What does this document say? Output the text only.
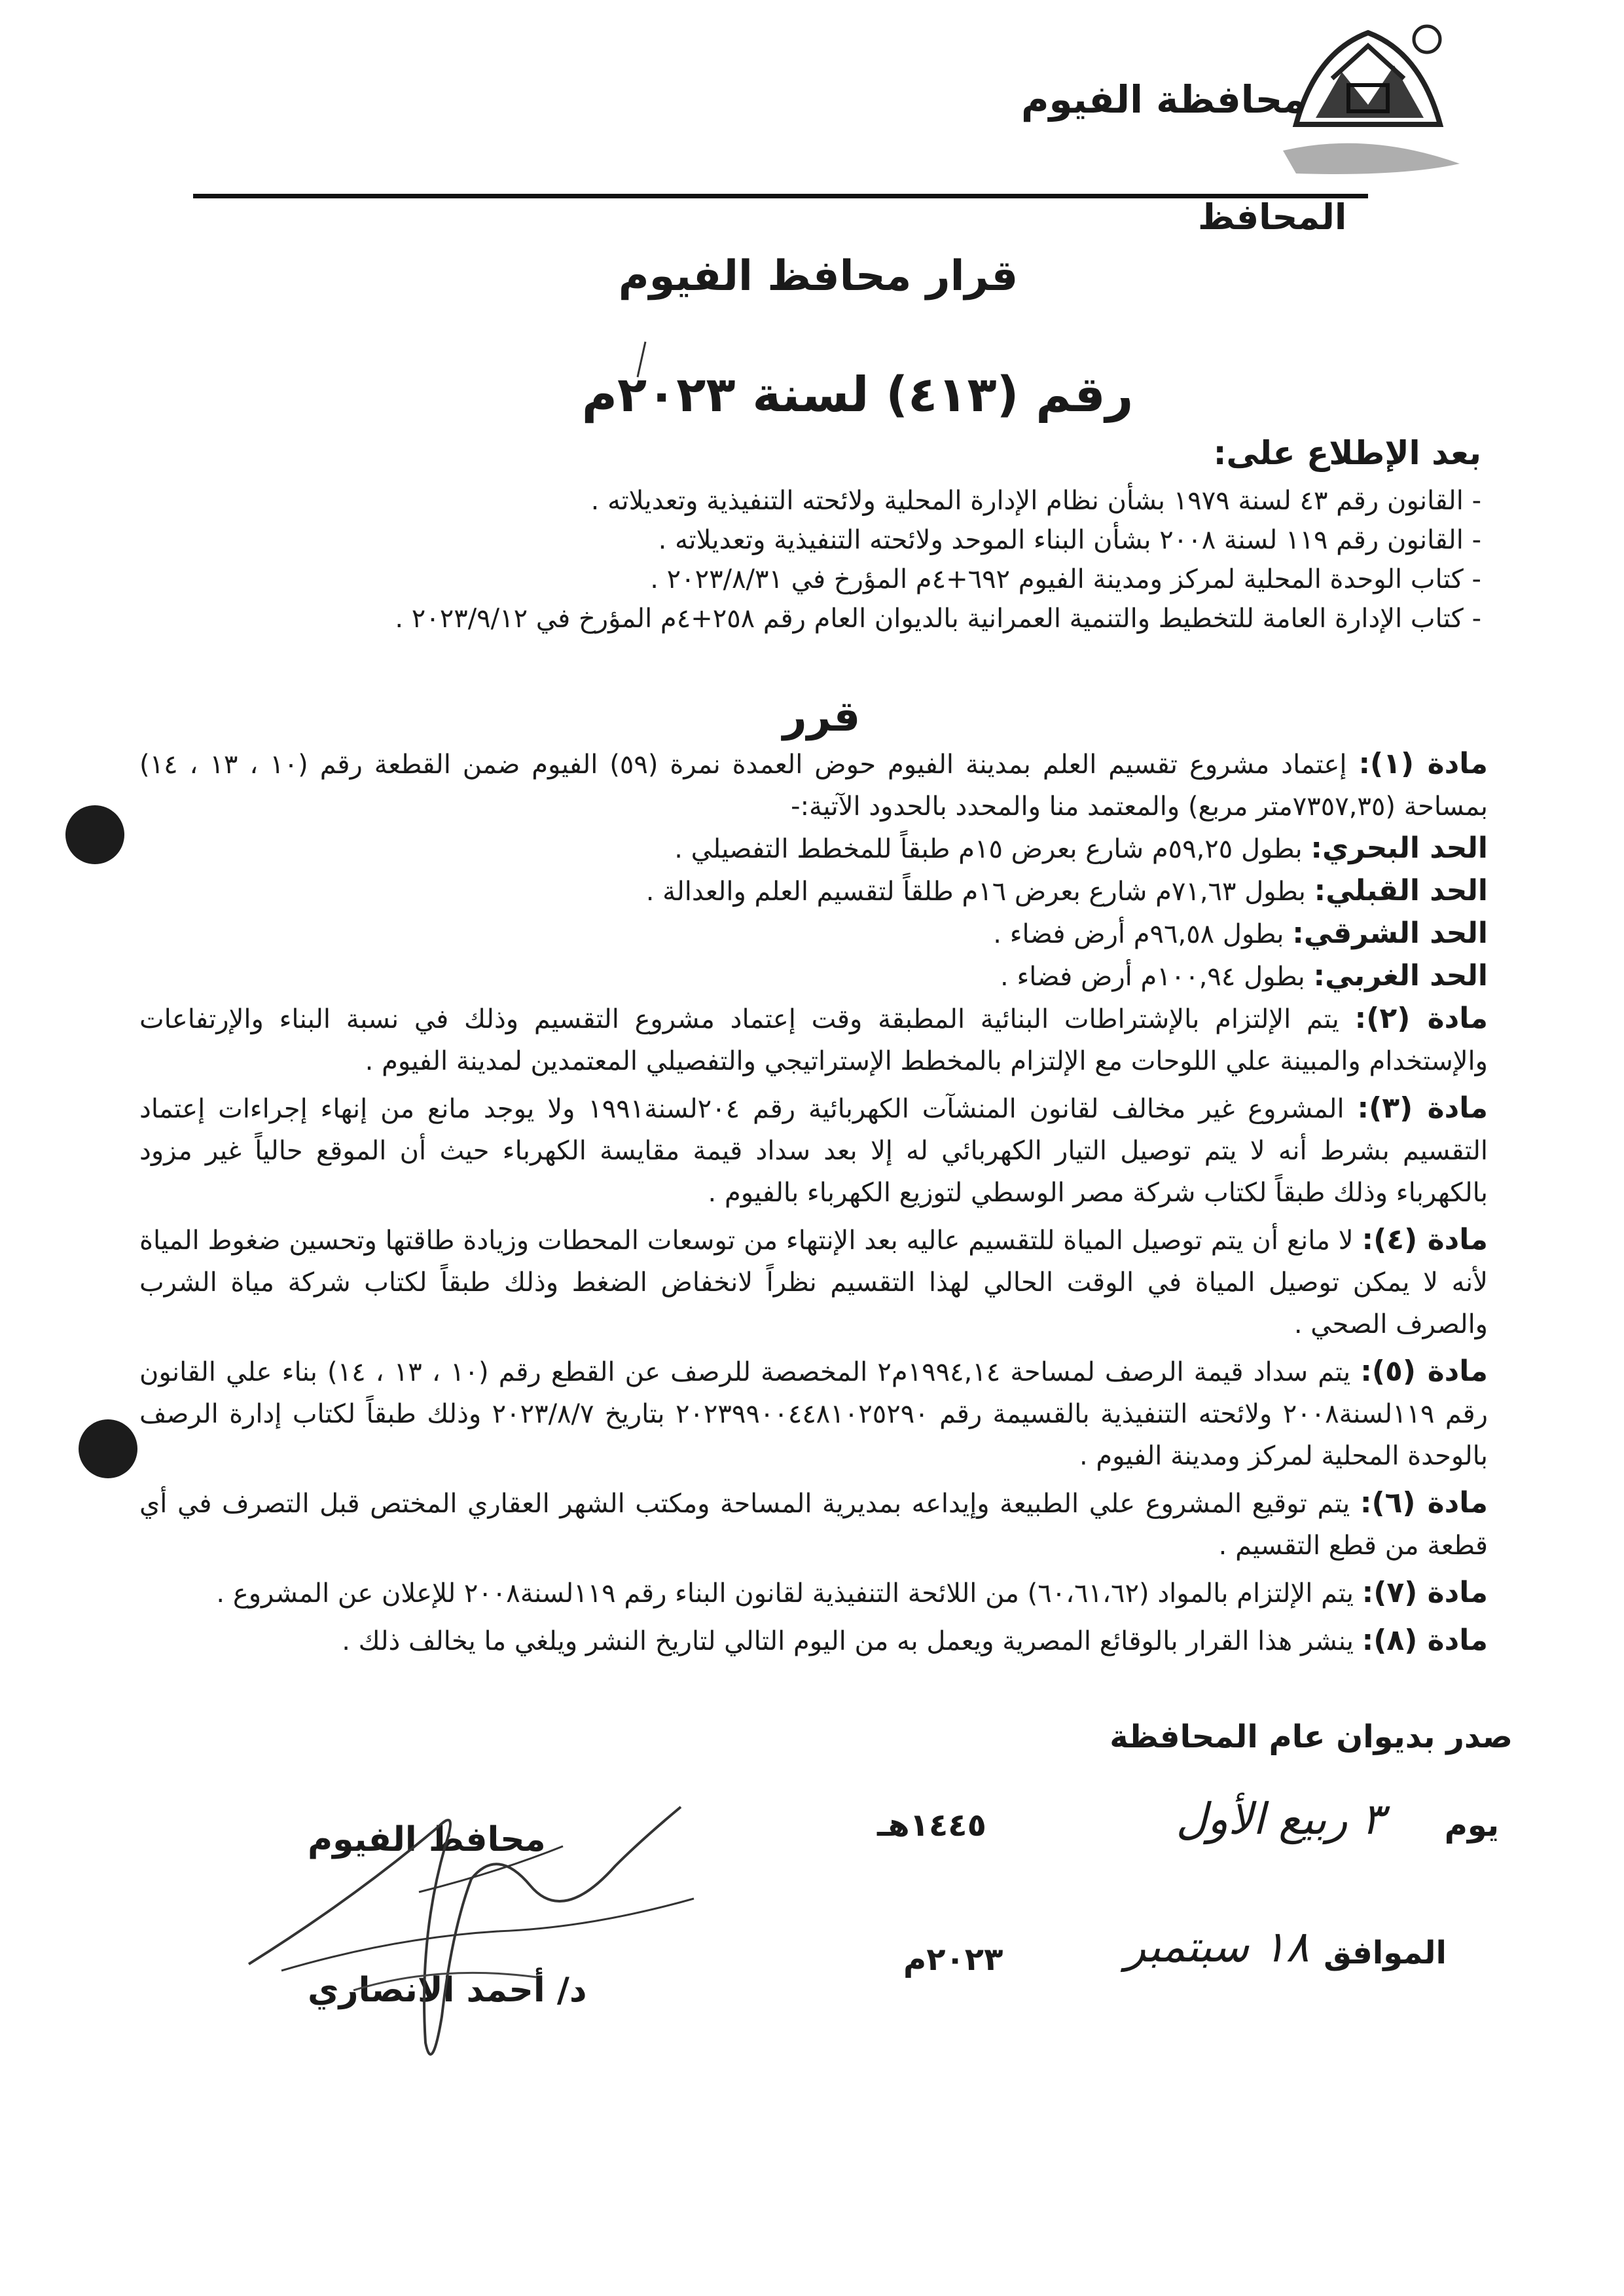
محافظة الفيوم
المحافظ
قرار محافظ الفيوم
رقم (٤١٣) لسنة ٢٠٢٣م
بعد الإطلاع على:
- القانون رقم ٤٣ لسنة ١٩٧٩ بشأن نظام الإدارة المحلية ولائحته التنفيذية وتعديلاته .
- القانون رقم ١١٩ لسنة ٢٠٠٨ بشأن البناء الموحد ولائحته التنفيذية وتعديلاته .
- كتاب الوحدة المحلية لمركز ومدينة الفيوم ٦٩٢+٤م المؤرخ في ٢٠٢٣/٨/٣١ .
- كتاب الإدارة العامة للتخطيط والتنمية العمرانية بالديوان العام رقم ٢٥٨+٤م المؤرخ في ٢٠٢٣/٩/١٢ .
قرر

مادة (١): إعتماد مشروع تقسيم العلم بمدينة الفيوم حوض العمدة نمرة (٥٩) الفيوم ضمن القطعة رقم (١٠ ، ١٣ ، ١٤) بمساحة (٧٣٥٧,٣٥متر مربع) والمعتمد منا والمحدد بالحدود الآتية:-

الحد البحري: بطول ٥٩,٢٥م شارع بعرض ١٥م طبقاً للمخطط التفصيلي .

الحد القبلي: بطول ٧١,٦٣م شارع بعرض ١٦م طلقاً لتقسيم العلم والعدالة .

الحد الشرقي: بطول ٩٦,٥٨م أرض فضاء .

الحد الغربي: بطول ١٠٠,٩٤م أرض فضاء .

مادة (٢): يتم الإلتزام بالإشتراطات البنائية المطبقة وقت إعتماد مشروع التقسيم وذلك في نسبة البناء والإرتفاعات والإستخدام والمبينة علي اللوحات مع الإلتزام بالمخطط الإستراتيجي والتفصيلي المعتمدين لمدينة الفيوم .

مادة (٣): المشروع غير مخالف لقانون المنشآت الكهربائية رقم ٢٠٤لسنة١٩٩١ ولا يوجد مانع من إنهاء إجراءات إعتماد التقسيم بشرط أنه لا يتم توصيل التيار الكهربائي له إلا بعد سداد قيمة مقايسة الكهرباء حيث أن الموقع حالياً غير مزود بالكهرباء وذلك طبقاً لكتاب شركة مصر الوسطي لتوزيع الكهرباء بالفيوم .

مادة (٤): لا مانع أن يتم توصيل المياة للتقسيم عاليه بعد الإنتهاء من توسعات المحطات وزيادة طاقتها وتحسين ضغوط المياة لأنه لا يمكن توصيل المياة في الوقت الحالي لهذا التقسيم نظراً لانخفاض الضغط وذلك طبقاً لكتاب شركة مياة الشرب والصرف الصحي .

مادة (٥): يتم سداد قيمة الرصف لمساحة ١٩٩٤,١٤م٢ المخصصة للرصف عن القطع رقم (١٠ ، ١٣ ، ١٤) بناء علي القانون رقم ١١٩لسنة٢٠٠٨ ولائحته التنفيذية بالقسيمة رقم ٢٠٢٣٩٩٠٠٤٤٨١٠٢٥٢٩٠ بتاريخ ٢٠٢٣/٨/٧ وذلك طبقاً لكتاب إدارة الرصف بالوحدة المحلية لمركز ومدينة الفيوم .

مادة (٦): يتم توقيع المشروع علي الطبيعة وإيداعه بمديرية المساحة ومكتب الشهر العقاري المختص قبل التصرف في أي قطعة من قطع التقسيم .

مادة (٧): يتم الإلتزام بالمواد (٦٠،٦١،٦٢) من اللائحة التنفيذية لقانون البناء رقم ١١٩لسنة٢٠٠٨ للإعلان عن المشروع .

مادة (٨): ينشر هذا القرار بالوقائع المصرية ويعمل به من اليوم التالي لتاريخ النشر ويلغي ما يخالف ذلك .

صدر بديوان عام المحافظة
يوم
٣ ربيع الأول
١٤٤٥هـ
الموافق
١٨ سبتمبر
٢٠٢٣م
محافظ الفيوم
د/ أحمد الانصاري
